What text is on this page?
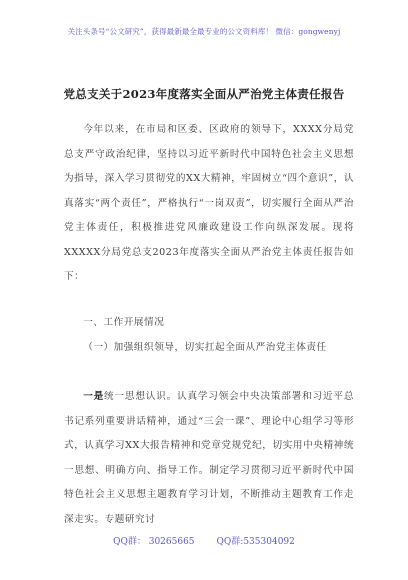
关注头条号“公文研究”，获得最新最全最专业的公文资料库！ 微信：gongwenyj
党总支关于2023年度落实全面从严治党主体责任报告
今年以来，在市局和区委、区政府的领导下，XXXX分局党总支严守政治纪律，坚持以习近平新时代中国特色社会主义思想为指导，深入学习贯彻党的XX大精神，牢固树立“四个意识”，认真落实“两个责任”，严格执行“一岗双责”，切实履行全面从严治党主体责任，积极推进党风廉政建设工作向纵深发展。现将XXXXX分局党总支2023年度落实全面从严治党主体责任报告如下：
一、工作开展情况
（一）加强组织领导，切实扛起全面从严治党主体责任
一是统一思想认识。认真学习领会中央决策部署和习近平总书记系列重要讲话精神，通过“三会一课”、理论中心组学习等形式，认真学习XX大报告精神和党章党规党纪，切实用中央精神统一思想、明确方向、指导工作。制定学习贯彻习近平新时代中国特色社会主义思想主题教育学习计划，不断推动主题教育工作走深走实。专题研究讨
QQ群： 30265665 QQ群:535304092
